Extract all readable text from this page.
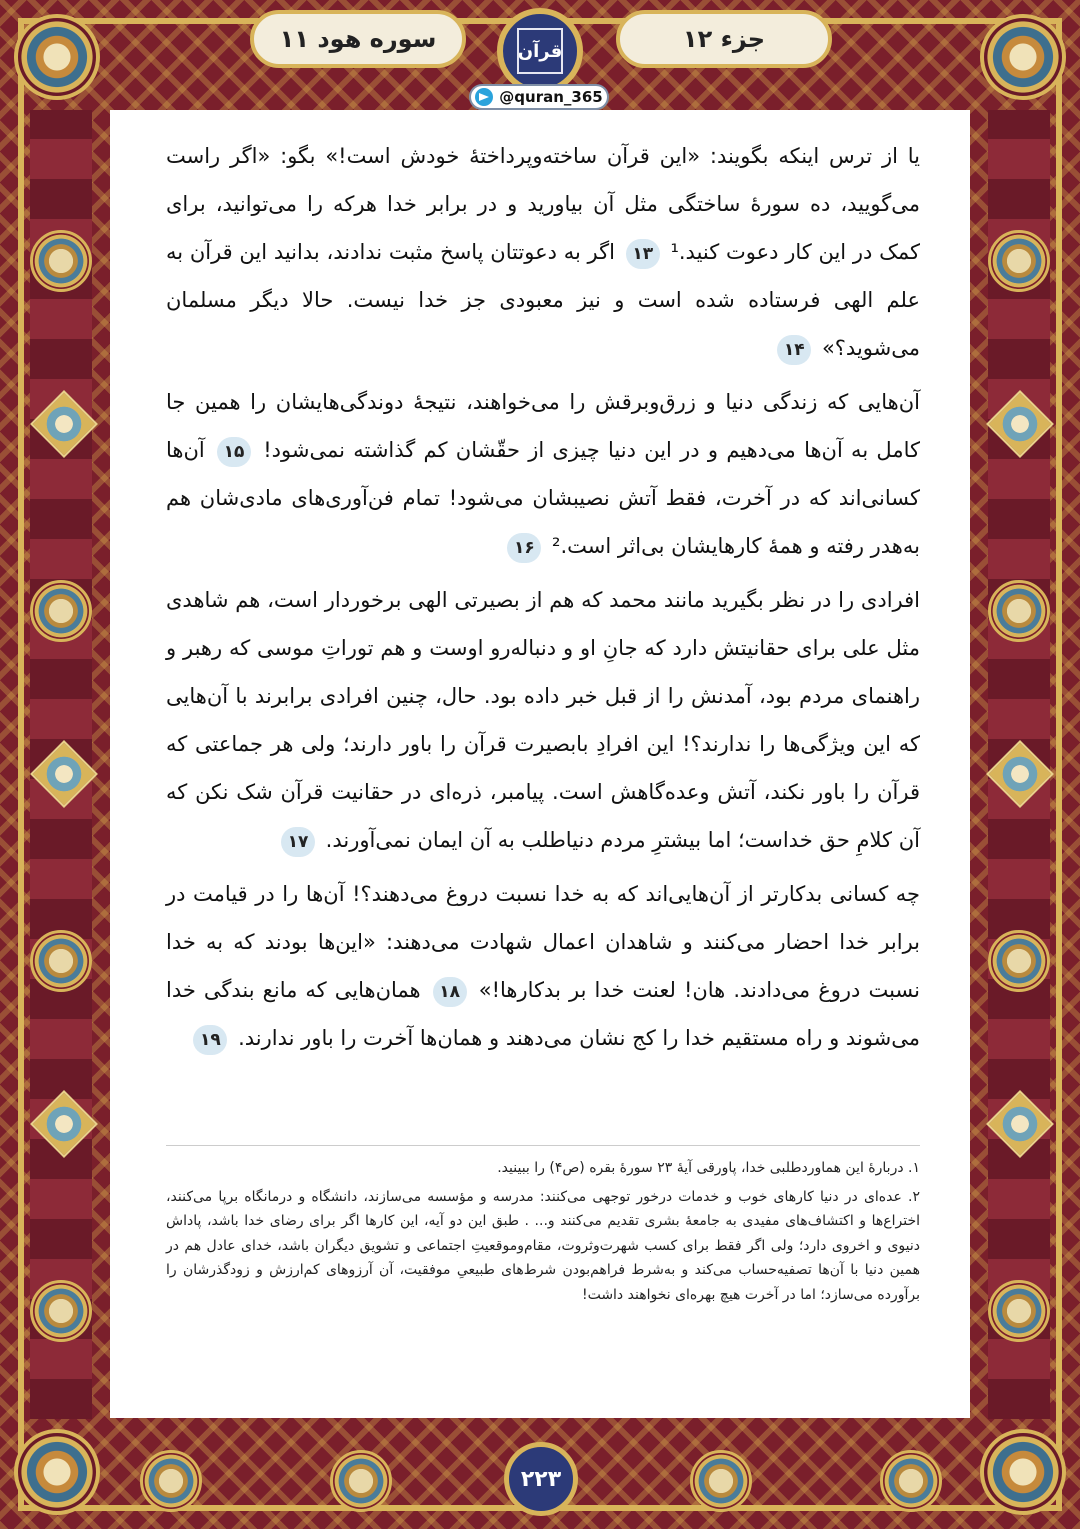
سوره هود ۱۱	جزء ۱۲
قرآن
@quran_365
یا از ترس اینکه بگویند: «این قرآن ساخته‌وپرداختهٔ خودش است!» بگو: «اگر راست می‌گویید، ده سورهٔ ساختگی مثل آن بیاورید و در برابر خدا هرکه را می‌توانید، برای کمک در این کار دعوت کنید.¹ ۱۳ اگر به دعوتتان پاسخ مثبت ندادند، بدانید این قرآن به علم الهی فرستاده شده است و نیز معبودی جز خدا نیست. حالا دیگر مسلمان می‌شوید؟» ۱۴
آن‌هایی که زندگی دنیا و زرق‌وبرقش را می‌خواهند، نتیجهٔ دوندگی‌هایشان را همین جا کامل به آن‌ها می‌دهیم و در این دنیا چیزی از حقّشان کم گذاشته نمی‌شود! ۱۵ آن‌ها کسانی‌اند که در آخرت، فقط آتش نصیبشان می‌شود! تمام فن‌آوری‌های مادی‌شان هم به‌هدر رفته و همهٔ کارهایشان بی‌اثر است.² ۱۶
افرادی را در نظر بگیرید مانند محمد که هم از بصیرتی الهی برخوردار است، هم شاهدی مثل علی برای حقانیتش دارد که جانِ او و دنباله‌رو اوست و هم توراتِ موسی که رهبر و راهنمای مردم بود، آمدنش را از قبل خبر داده بود. حال، چنین افرادی برابرند با آن‌هایی که این ویژگی‌ها را ندارند؟! این افرادِ بابصیرت قرآن را باور دارند؛ ولی هر جماعتی که قرآن را باور نکند، آتش وعده‌گاهش است. پیامبر، ذره‌ای در حقانیت قرآن شک نکن که آن کلامِ حق خداست؛ اما بیشترِ مردم دنیاطلب به آن ایمان نمی‌آورند. ۱۷
چه کسانی بدکارتر از آن‌هایی‌اند که به خدا نسبت دروغ می‌دهند؟! آن‌ها را در قیامت در برابر خدا احضار می‌کنند و شاهدان اعمال شهادت می‌دهند: «این‌ها بودند که به خدا نسبت دروغ می‌دادند. هان! لعنت خدا بر بدکارها!» ۱۸ همان‌هایی که مانع بندگی خدا می‌شوند و راه مستقیم خدا را کج نشان می‌دهند و همان‌ها آخرت را باور ندارند. ۱۹

۱. دربارهٔ این هماوردطلبی خدا، پاورقی آیهٔ ۲۳ سورهٔ بقره (ص۴) را ببینید.

۲. عده‌ای در دنیا کارهای خوب و خدمات درخور توجهی می‌کنند: مدرسه و مؤسسه می‌سازند، دانشگاه و درمانگاه برپا می‌کنند، اختراع‌ها و اکتشاف‌های مفیدی به جامعهٔ بشری تقدیم می‌کنند و... . طبق این دو آیه، این کارها اگر برای رضای خدا باشد، پاداش دنیوی و اخروی دارد؛ ولی اگر فقط برای کسب شهرت‌وثروت، مقام‌وموقعیتِ اجتماعی و تشویق دیگران باشد، خدای عادل هم در همین دنیا با آن‌ها تصفیه‌حساب می‌کند و به‌شرط فراهم‌بودن شرط‌های طبیعیِ موفقیت، آن آرزوهای کم‌ارزش و زودگذرشان را برآورده می‌سازد؛ اما در آخرت هیچ بهره‌ای نخواهند داشت!

۲۲۳
